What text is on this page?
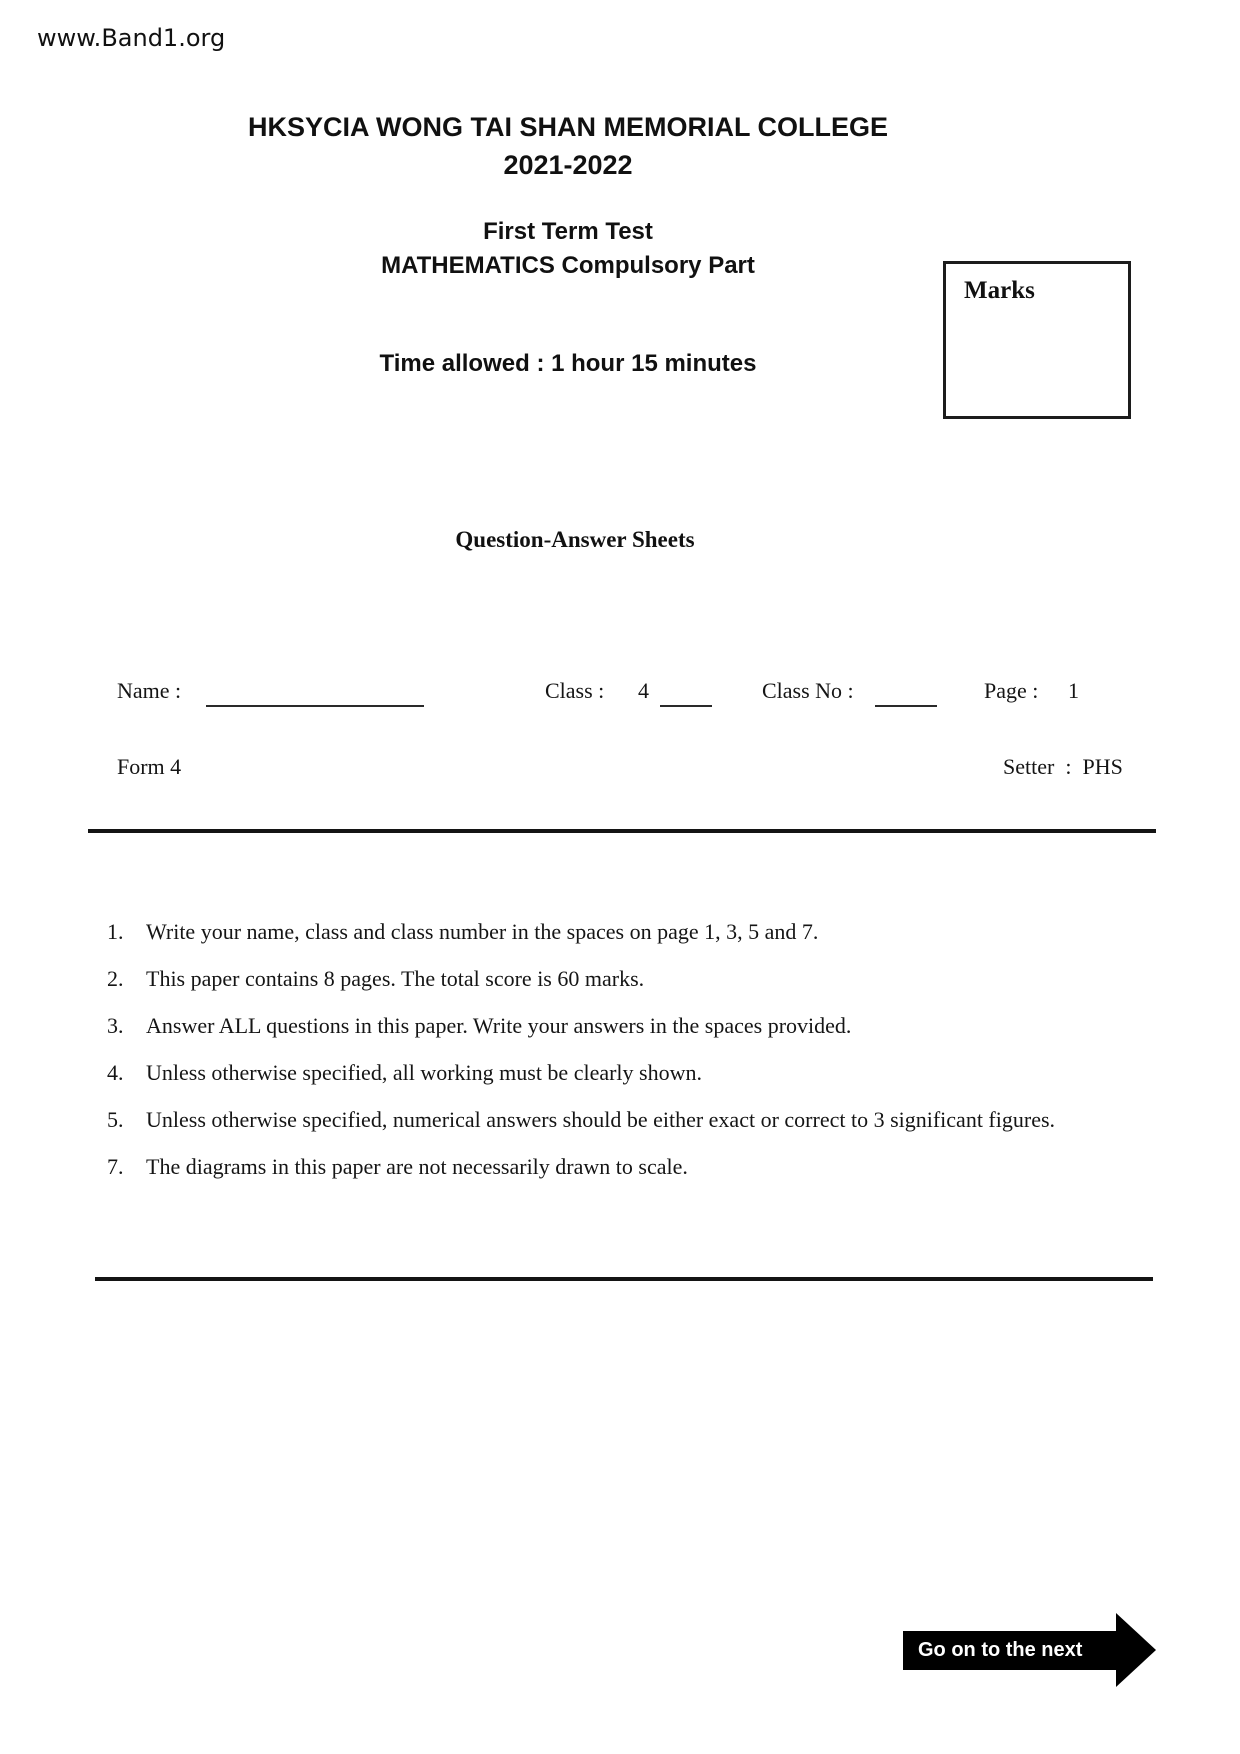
www.Band1.org
HKSYCIA WONG TAI SHAN MEMORIAL COLLEGE
2021-2022
First Term Test
MATHEMATICS Compulsory Part
Time allowed : 1 hour 15 minutes
Marks
Question-Answer Sheets
Name :	Class : 4	Class No :	Page : 1
Form 4	Setter : PHS
1.	Write your name, class and class number in the spaces on page 1, 3, 5 and 7.
2.	This paper contains 8 pages. The total score is 60 marks.
3.	Answer ALL questions in this paper. Write your answers in the spaces provided.
4.	Unless otherwise specified, all working must be clearly shown.
5.	Unless otherwise specified, numerical answers should be either exact or correct to 3 significant figures.
7.	The diagrams in this paper are not necessarily drawn to scale.
Go on to the next
